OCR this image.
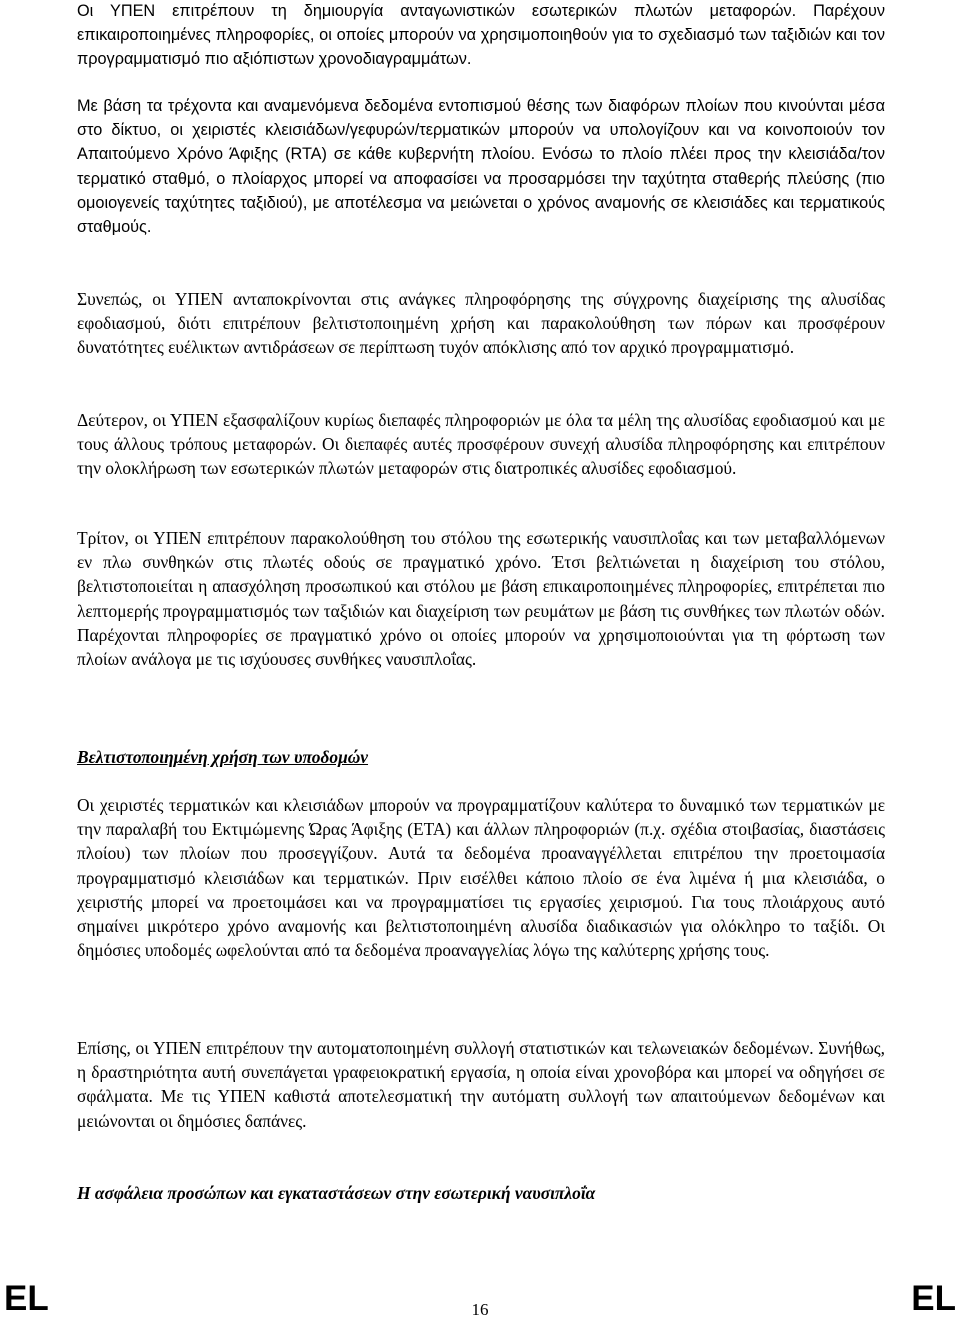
Οι ΥΠΕΝ επιτρέπουν τη δημιουργία ανταγωνιστικών εσωτερικών πλωτών μεταφορών. Παρέχουν επικαιροποιημένες πληροφορίες, οι οποίες μπορούν να χρησιμοποιηθούν για το σχεδιασμό των ταξιδιών και τον προγραμματισμό πιο αξιόπιστων χρονοδιαγραμμάτων.

Με βάση τα τρέχοντα και αναμενόμενα δεδομένα εντοπισμού θέσης των διαφόρων πλοίων που κινούνται μέσα στο δίκτυο, οι χειριστές κλεισιάδων/γεφυρών/τερματικών μπορούν να υπολογίζουν και να κοινοποιούν τον Απαιτούμενο Χρόνο Άφιξης (RTA) σε κάθε κυβερνήτη πλοίου. Ενόσω το πλοίο πλέει προς την κλεισιάδα/τον τερματικό σταθμό, ο πλοίαρχος μπορεί να αποφασίσει να προσαρμόσει την ταχύτητα σταθερής πλεύσης (πιο ομοιογενείς ταχύτητες ταξιδιού), με αποτέλεσμα να μειώνεται ο χρόνος αναμονής σε κλεισιάδες και τερματικούς σταθμούς.

Συνεπώς, οι ΥΠΕΝ ανταποκρίνονται στις ανάγκες πληροφόρησης της σύγχρονης διαχείρισης της αλυσίδας εφοδιασμού, διότι επιτρέπουν βελτιστοποιημένη χρήση και παρακολούθηση των πόρων και προσφέρουν δυνατότητες ευέλικτων αντιδράσεων σε περίπτωση τυχόν απόκλισης από τον αρχικό προγραμματισμό.

Δεύτερον, οι ΥΠΕΝ εξασφαλίζουν κυρίως διεπαφές πληροφοριών με όλα τα μέλη της αλυσίδας εφοδιασμού και με τους άλλους τρόπους μεταφορών. Οι διεπαφές αυτές προσφέρουν συνεχή αλυσίδα πληροφόρησης και επιτρέπουν την ολοκλήρωση των εσωτερικών πλωτών μεταφορών στις διατροπικές αλυσίδες εφοδιασμού.

Τρίτον, οι ΥΠΕΝ επιτρέπουν παρακολούθηση του στόλου της εσωτερικής ναυσιπλοΐας και των μεταβαλλόμενων εν πλω συνθηκών στις πλωτές οδούς σε πραγματικό χρόνο. Έτσι βελτιώνεται η διαχείριση του στόλου, βελτιστοποιείται η απασχόληση προσωπικού και στόλου με βάση επικαιροποιημένες πληροφορίες, επιτρέπεται πιο λεπτομερής προγραμματισμός των ταξιδιών και διαχείριση των ρευμάτων με βάση τις συνθήκες των πλωτών οδών. Παρέχονται πληροφορίες σε πραγματικό χρόνο οι οποίες μπορούν να χρησιμοποιούνται για τη φόρτωση των πλοίων ανάλογα με τις ισχύουσες συνθήκες ναυσιπλοΐας.

Βελτιστοποιημένη χρήση των υποδομών

Οι χειριστές τερματικών και κλεισιάδων μπορούν να προγραμματίζουν καλύτερα το δυναμικό των τερματικών με την παραλαβή του Εκτιμώμενης Ώρας Άφιξης (ΕΤΑ) και άλλων πληροφοριών (π.χ. σχέδια στοιβασίας, διαστάσεις πλοίου) των πλοίων που προσεγγίζουν. Αυτά τα δεδομένα προαναγγέλλεται επιτρέπου την προετοιμασία προγραμματισμό κλεισιάδων και τερματικών. Πριν εισέλθει κάποιο πλοίο σε ένα λιμένα ή μια κλεισιάδα, ο χειριστής μπορεί να προετοιμάσει και να προγραμματίσει τις εργασίες χειρισμού. Για τους πλοιάρχους αυτό σημαίνει μικρότερο χρόνο αναμονής και βελτιστοποιημένη αλυσίδα διαδικασιών για ολόκληρο το ταξίδι. Οι δημόσιες υποδομές ωφελούνται από τα δεδομένα προαναγγελίας λόγω της καλύτερης χρήσης τους.

Επίσης, οι ΥΠΕΝ επιτρέπουν την αυτοματοποιημένη συλλογή στατιστικών και τελωνειακών δεδομένων. Συνήθως, η δραστηριότητα αυτή συνεπάγεται γραφειοκρατική εργασία, η οποία είναι χρονοβόρα και μπορεί να οδηγήσει σε σφάλματα. Με τις ΥΠΕΝ καθιστά αποτελεσματική την αυτόματη συλλογή των απαιτούμενων δεδομένων και μειώνονται οι δημόσιες δαπάνες.

Η ασφάλεια προσώπων και εγκαταστάσεων στην εσωτερική ναυσιπλοΐα
EL	16	EL
